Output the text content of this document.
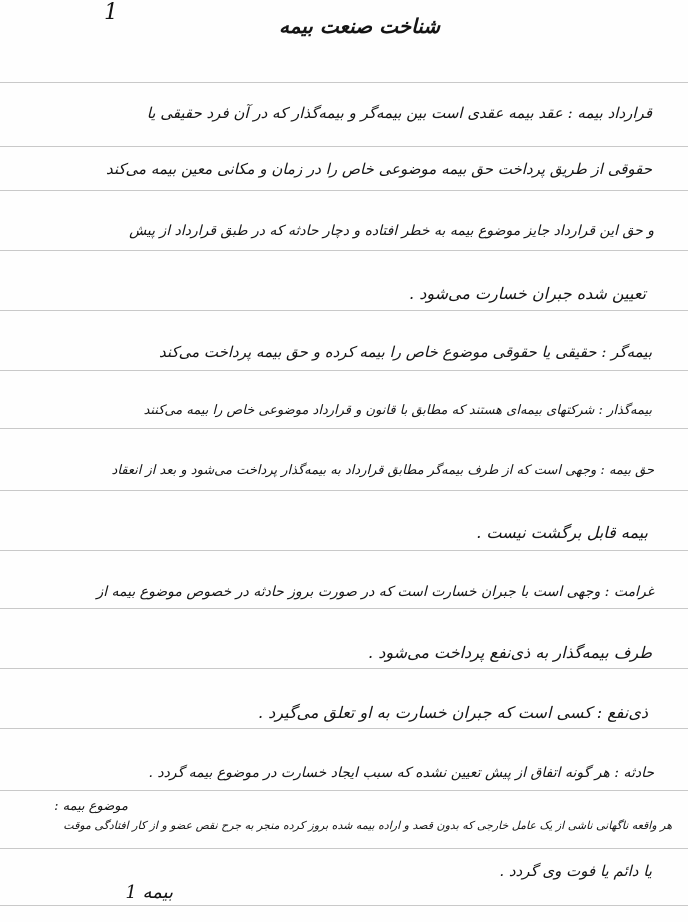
1
شناخت صنعت بیمه
قرارداد بیمه : عقد بیمه عقدی است بین بیمه‌گر و بیمه‌گذار که در آن فرد حقیقی یا
حقوقی از طریق پرداخت حق بیمه موضوعی خاص را در زمان و مکانی معین بیمه می‌کند
و حق این قرارداد جایز موضوع بیمه به خطر افتاده و دچار حادثه که در طبق قرارداد از پیش
تعیین شده جبران خسارت می‌شود .
بیمه‌گر : حقیقی یا حقوقی موضوع خاص را بیمه کرده و حق بیمه پرداخت می‌کند
بیمه‌گذار : شرکتهای بیمه‌ای هستند که مطابق با قانون و قرارداد موضوعی خاص را بیمه می‌کنند
حق بیمه : وجهی است که از طرف بیمه‌گر مطابق قرارداد به بیمه‌گذار پرداخت می‌شود و بعد از انعقاد
بیمه قابل برگشت نیست .
غرامت : وجهی است با جبران خسارت است که در صورت بروز حادثه در خصوص موضوع بیمه از
طرف بیمه‌گذار به ذی‌نفع پرداخت می‌شود .
ذی‌نفع : کسی است که جبران خسارت به او تعلق می‌گیرد .
حادثه : هر گونه اتفاق از پیش تعیین نشده که سبب ایجاد خسارت در موضوع بیمه گردد .
موضوع بیمه :
هر واقعه ناگهانی ناشی از یک عامل خارجی که بدون قصد و اراده بیمه شده بروز کرده منجر به جرح نقص عضو و از کار افتادگی موقت
یا دائم یا فوت وی گردد .
بیمه 1
